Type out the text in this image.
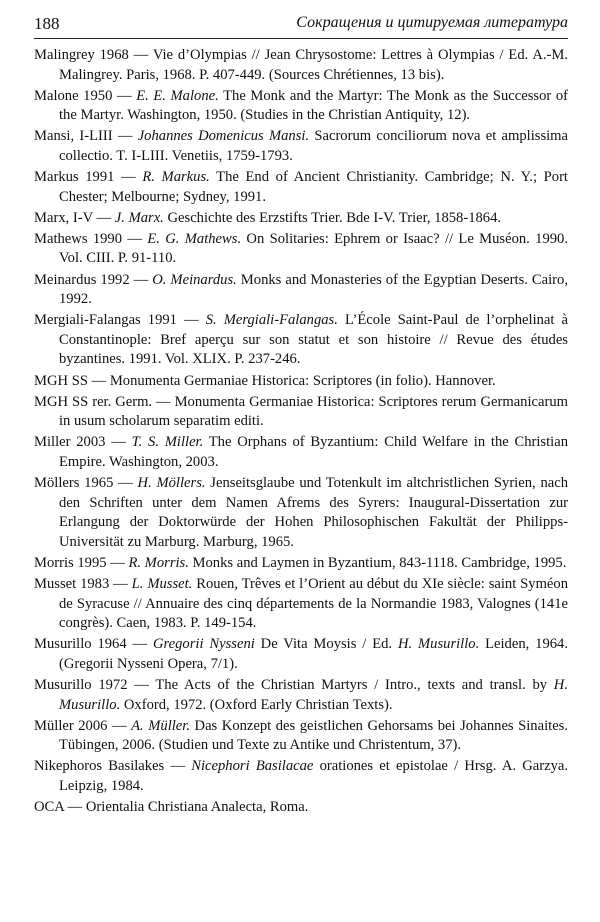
188	Сокращения и цитируемая литература

Malingrey 1968 — Vie d’Olympias // Jean Chrysostome: Lettres à Olympias / Ed. A.-M. Malingrey. Paris, 1968. P. 407-449. (Sources Chrétiennes, 13 bis).

Malone 1950 — E. E. Malone. The Monk and the Martyr: The Monk as the Successor of the Martyr. Washington, 1950. (Studies in the Christian Antiquity, 12).

Mansi, I-LIII — Johannes Domenicus Mansi. Sacrorum conciliorum nova et amplissima collectio. T. I-LIII. Venetiis, 1759-1793.

Markus 1991 — R. Markus. The End of Ancient Christianity. Cambridge; N. Y.; Port Chester; Melbourne; Sydney, 1991.

Marx, I-V — J. Marx. Geschichte des Erzstifts Trier. Bde I-V. Trier, 1858-1864.

Mathews 1990 — E. G. Mathews. On Solitaries: Ephrem or Isaac? // Le Muséon. 1990. Vol. CIII. P. 91-110.

Meinardus 1992 — O. Meinardus. Monks and Monasteries of the Egyptian Deserts. Cairo, 1992.

Mergiali-Falangas 1991 — S. Mergiali-Falangas. L’École Saint-Paul de l’orphelinat à Constantinople: Bref aperçu sur son statut et son histoire // Revue des études byzantines. 1991. Vol. XLIX. P. 237-246.

MGH SS — Monumenta Germaniae Historica: Scriptores (in folio). Hannover.

MGH SS rer. Germ. — Monumenta Germaniae Historica: Scriptores rerum Germanicarum in usum scholarum separatim editi.

Miller 2003 — T. S. Miller. The Orphans of Byzantium: Child Welfare in the Christian Empire. Washington, 2003.

Möllers 1965 — H. Möllers. Jenseitsglaube und Totenkult im altchristlichen Syrien, nach den Schriften unter dem Namen Afrems des Syrers: Inaugural-Dissertation zur Erlangung der Doktorwürde der Hohen Philosophischen Fakultät der Philipps-Universität zu Marburg. Marburg, 1965.

Morris 1995 — R. Morris. Monks and Laymen in Byzantium, 843-1118. Cambridge, 1995.

Musset 1983 — L. Musset. Rouen, Trêves et l’Orient au début du XIe siècle: saint Syméon de Syracuse // Annuaire des cinq départements de la Normandie 1983, Valognes (141e congrès). Caen, 1983. P. 149-154.

Musurillo 1964 — Gregorii Nysseni De Vita Moysis / Ed. H. Musurillo. Leiden, 1964. (Gregorii Nysseni Opera, 7/1).

Musurillo 1972 — The Acts of the Christian Martyrs / Intro., texts and transl. by H. Musurillo. Oxford, 1972. (Oxford Early Christian Texts).

Müller 2006 — A. Müller. Das Konzept des geistlichen Gehorsams bei Johannes Sinaites. Tübingen, 2006. (Studien und Texte zu Antike und Christentum, 37).

Nikephoros Basilakes — Nicephori Basilacae orationes et epistolae / Hrsg. A. Garzya. Leipzig, 1984.

OCA — Orientalia Christiana Analecta, Roma.
